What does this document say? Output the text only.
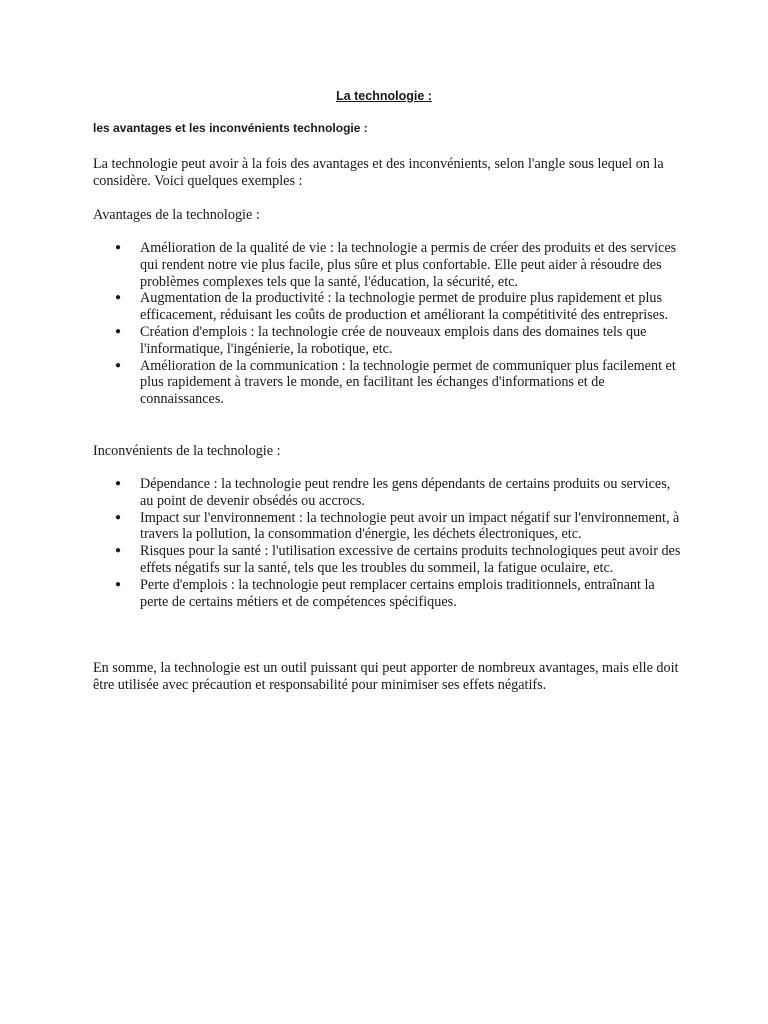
La technologie :

les avantages et les inconvénients technologie :

La technologie peut avoir à la fois des avantages et des inconvénients, selon l'angle sous lequel on la considère. Voici quelques exemples :

Avantages de la technologie :

● Amélioration de la qualité de vie : la technologie a permis de créer des produits et des services qui rendent notre vie plus facile, plus sûre et plus confortable. Elle peut aider à résoudre des problèmes complexes tels que la santé, l'éducation, la sécurité, etc.
● Augmentation de la productivité : la technologie permet de produire plus rapidement et plus efficacement, réduisant les coûts de production et améliorant la compétitivité des entreprises.
● Création d'emplois : la technologie crée de nouveaux emplois dans des domaines tels que l'informatique, l'ingénierie, la robotique, etc.
● Amélioration de la communication : la technologie permet de communiquer plus facilement et plus rapidement à travers le monde, en facilitant les échanges d'informations et de connaissances.

Inconvénients de la technologie :

● Dépendance : la technologie peut rendre les gens dépendants de certains produits ou services, au point de devenir obsédés ou accrocs.
● Impact sur l'environnement : la technologie peut avoir un impact négatif sur l'environnement, à travers la pollution, la consommation d'énergie, les déchets électroniques, etc.
● Risques pour la santé : l'utilisation excessive de certains produits technologiques peut avoir des effets négatifs sur la santé, tels que les troubles du sommeil, la fatigue oculaire, etc.
● Perte d'emplois : la technologie peut remplacer certains emplois traditionnels, entraînant la perte de certains métiers et de compétences spécifiques.

En somme, la technologie est un outil puissant qui peut apporter de nombreux avantages, mais elle doit être utilisée avec précaution et responsabilité pour minimiser ses effets négatifs.
